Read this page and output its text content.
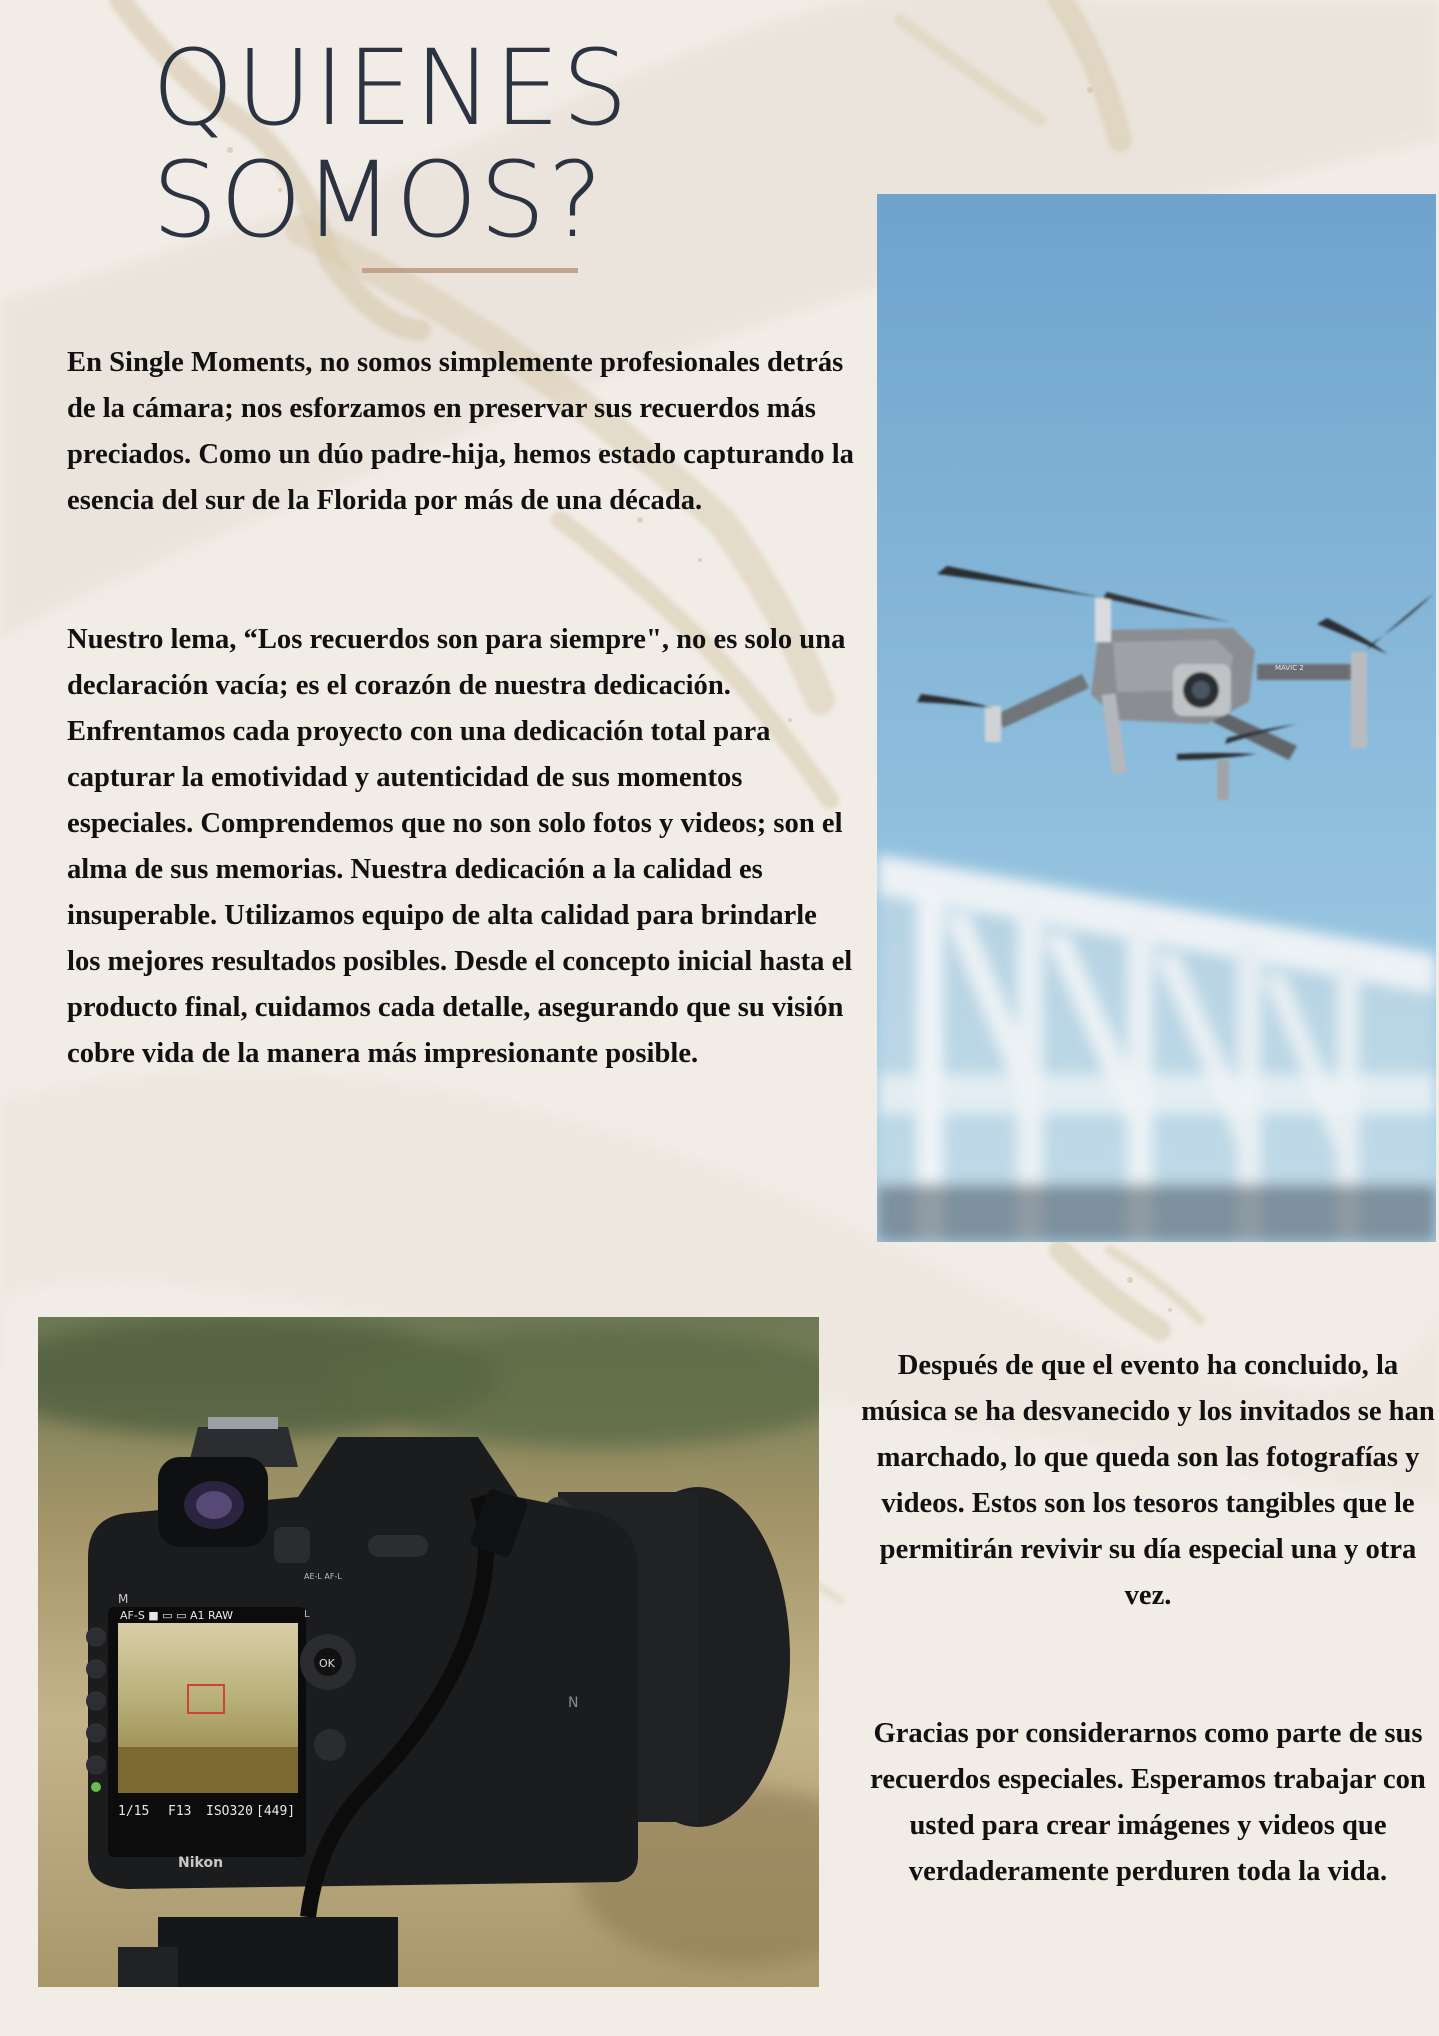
QUIENES
SOMOS?

En Single Moments, no somos simplemente profesionales detrás de la cámara; nos esforzamos en preservar sus recuerdos más preciados. Como un dúo padre-hija, hemos estado capturando la esencia del sur de la Florida por más de una década.

Nuestro lema, “Los recuerdos son para siempre", no es solo una declaración vacía; es el corazón de nuestra dedicación. Enfrentamos cada proyecto con una dedicación total para capturar la emotividad y autenticidad de sus momentos especiales. Comprendemos que no son solo fotos y videos; son el alma de sus memorias. Nuestra dedicación a la calidad es insuperable. Utilizamos equipo de alta calidad para brindarle los mejores resultados posibles. Desde el concepto inicial hasta el producto final, cuidamos cada detalle, asegurando que su visión cobre vida de la manera más impresionante posible.

Después de que el evento ha concluido, la música se ha desvanecido y los invitados se han marchado, lo que queda son las fotografías y videos. Estos son los tesoros tangibles que le permitirán revivir su día especial una y otra vez.

Gracias por considerarnos como parte de sus recuerdos especiales. Esperamos trabajar con usted para crear imágenes y videos que verdaderamente perduren toda la vida.

MAVIC 2
AF-S ■ ▭ ▭ A1 RAW
1/15 F13 ISO320 [449]
Nikon
M
OK
AE-L AF-L
L
N
